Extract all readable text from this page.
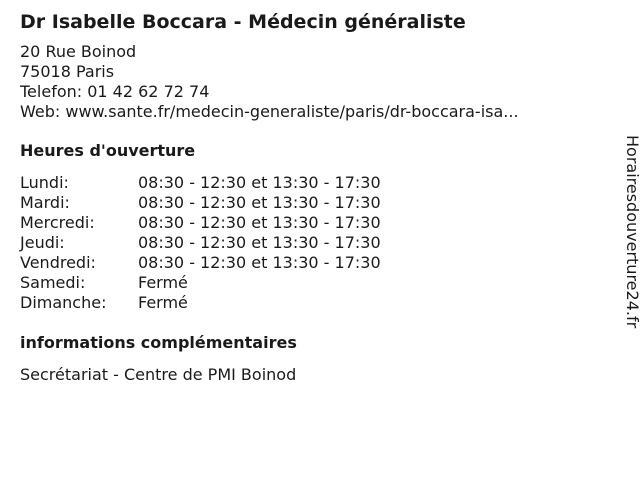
Dr Isabelle Boccara - Médecin généraliste
20 Rue Boinod
75018 Paris
Telefon: 01 42 62 72 74
Web: www.sante.fr/medecin-generaliste/paris/dr-boccara-isa...
Heures d'ouverture
Lundi:	08:30 - 12:30 et 13:30 - 17:30
Mardi:	08:30 - 12:30 et 13:30 - 17:30
Mercredi:	08:30 - 12:30 et 13:30 - 17:30
Jeudi:	08:30 - 12:30 et 13:30 - 17:30
Vendredi:	08:30 - 12:30 et 13:30 - 17:30
Samedi:	Fermé
Dimanche:	Fermé
informations complémentaires
Secrétariat - Centre de PMI Boinod
Horairesdouverture24.fr
